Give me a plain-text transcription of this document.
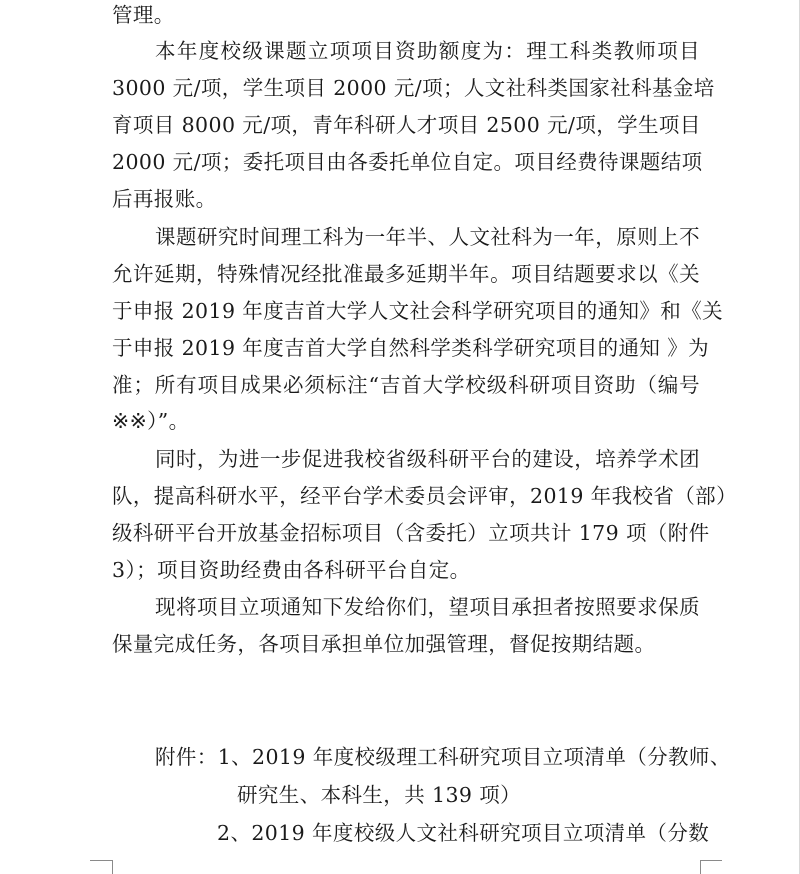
管理。
本年度校级课题立项项目资助额度为：理工科类教师项目
3000 元/项，学生项目 2000 元/项；人文社科类国家社科基金培
育项目 8000 元/项，青年科研人才项目 2500 元/项，学生项目
2000 元/项；委托项目由各委托单位自定。项目经费待课题结项
后再报账。
课题研究时间理工科为一年半、人文社科为一年，原则上不
允许延期，特殊情况经批准最多延期半年。项目结题要求以《关
于申报 2019 年度吉首大学人文社会科学研究项目的通知》和《关
于申报 2019 年度吉首大学自然科学类科学研究项目的通知 》为
准；所有项目成果必须标注“吉首大学校级科研项目资助（编号
※※）”。
同时，为进一步促进我校省级科研平台的建设，培养学术团
队，提高科研水平，经平台学术委员会评审，2019 年我校省（部）
级科研平台开放基金招标项目（含委托）立项共计 179 项（附件
3）；项目资助经费由各科研平台自定。
现将项目立项通知下发给你们，望项目承担者按照要求保质
保量完成任务，各项目承担单位加强管理，督促按期结题。
附件：1、2019 年度校级理工科研究项目立项清单（分教师、
研究生、本科生，共 139 项）
2、2019 年度校级人文社科研究项目立项清单（分数
